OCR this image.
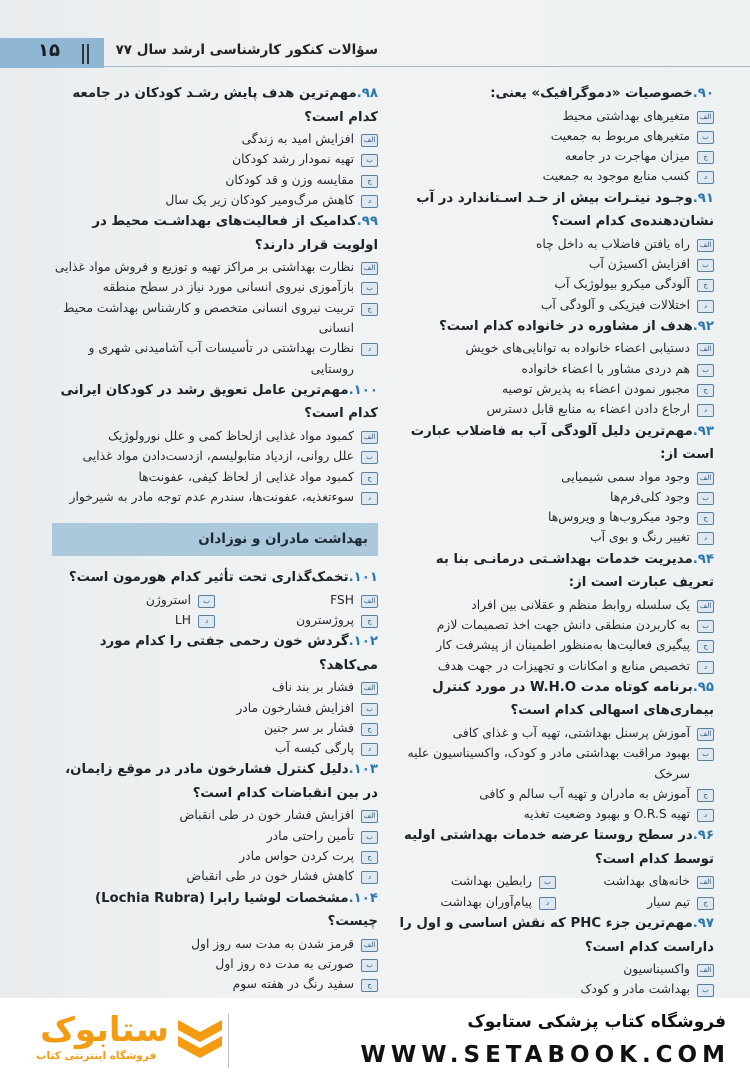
۱۵	سؤالات کنکور کارشناسی ارشد سال ۷۷
۹۰.خصوصیات «دموگرافیک» یعنی:
الف
متغیرهای بهداشتی محیط
ب
متغیرهای مربوط به جمعیت
ج
میزان مهاجرت در جامعه
د
کسب منابع موجود به جمعیت
۹۱.وجـود نیتـرات بیش از حـد اسـتاندارد در آب نشان‌دهنده‌ی کدام است؟
الف
راه یافتن فاضلاب به داخل چاه
ب
افزایش اکسیژن آب
ج
آلودگی میکرو بیولوژیک آب
د
اختلالات فیزیکی و آلودگی آب
۹۲.هدف از مشاوره در خانواده کدام است؟
الف
دستیابی اعضاء خانواده به توانایی‌های خویش
ب
هم دردی مشاور با اعضاء خانواده
ج
مجبور نمودن اعضاء به پذیرش توصیه
د
ارجاع دادن اعضاء به منابع قابل دسترس
۹۳.مهم‌ترین دلیل آلودگی آب به فاضلاب عبارت است از:
الف
وجود مواد سمی شیمیایی
ب
وجود کلی‌فرم‌ها
ج
وجود میکروب‌ها و ویروس‌ها
د
تغییر رنگ و بوی آب
۹۴.مدیریت خدمات بهداشـتی درمانـی بنا به تعریف عبارت است از:
الف
یک سلسله روابط منظم و عقلانی بین افراد
ب
به کاربردن منطقی دانش جهت اخذ تصمیمات لازم
ج
پیگیری فعالیت‌ها به‌منظور اطمینان از پیشرفت کار
د
تخصیص منابع و امکانات و تجهیزات در جهت هدف
۹۵.برنامه کوتاه مدت W.H.O در مورد کنترل بیماری‌های اسهالی کدام است؟
الف
آموزش پرسنل بهداشتی، تهیه آب و غذای کافی
ب
بهبود مراقبت بهداشتی مادر و کودک، واکسیناسیون علیه سرخک
ج
آموزش به مادران و تهیه آب سالم و کافی
د
تهیه O.R.S و بهبود وضعیت تغذیه
۹۶.در سطح روستا عرضه خدمات بهداشتی اولیه توسط کدام است؟
الف
خانه‌های بهداشت
ب
رابطین بهداشت
ج
تیم سیار
د
پیام‌آوران بهداشت
۹۷.مهم‌ترین جزء PHC که نقش اساسی و اول را داراست کدام است؟
الف
واکسیناسیون
ب
بهداشت مادر و کودک
۹۸.مهم‌ترین هدف پایش رشـد کودکان در جامعه کدام است؟
الف
افزایش امید به زندگی
ب
تهیه نمودار رشد کودکان
ج
مقایسه وزن و قد کودکان
د
کاهش مرگ‌ومیر کودکان زیر یک سال
۹۹.کدامیک از فعالیت‌های بهداشـت محیط در اولویت قرار دارند؟
الف
نظارت بهداشتی بر مراکز تهیه و توزیع و فروش مواد غذایی
ب
بازآموزی نیروی انسانی مورد نیاز در سطح منطقه
ج
تربیت نیروی انسانی متخصص و کارشناس بهداشت محیط انسانی
د
نظارت بهداشتی در تأسیسات آب آشامیدنی شهری و روستایی
۱۰۰.مهم‌ترین عامل تعویق رشد در کودکان ایرانی کدام است؟
الف
کمبود مواد غذایی ازلحاظ کمی و علل نورولوژیک
ب
علل روانی، ازدیاد متابولیسم، ازدست‌دادن مواد غذایی
ج
کمبود مواد غذایی از لحاظ کیفی، عفونت‌ها
د
سوءتغذیه، عفونت‌ها، سندرم عدم توجه مادر به شیرخوار
بهداشت مادران و نوزادان
۱۰۱.تخمک‌گذاری تحت تأثیر کدام هورمون است؟
الف
FSH
ب
استروژن
ج
پروژسترون
د
LH
۱۰۲.گردش خون رحمی جفتی را کدام مورد می‌کاهد؟
الف
فشار بر بند ناف
ب
افزایش فشارخون مادر
ج
فشار بر سر جنین
د
پارگی کیسه آب
۱۰۳.دلیل کنترل فشارخون مادر در موقع زایمان، در بین انقباضات کدام است؟
الف
افزایش فشار خون در طی انقباض
ب
تأمین راحتی مادر
ج
پرت کردن حواس مادر
د
کاهش فشار خون در طی انقباض
۱۰۴.مشخصات لوشیا رابرا (Lochia Rubra) چیست؟
الف
قرمز شدن به مدت سه روز اول
ب
صورتی به مدت ده روز اول
ج
سفید رنگ در هفته سوم
ستابوک
فروشگاه اینترنتی کتاب
فروشگاه کتاب پزشکی ستابوک
WWW.SETABOOK.COM
